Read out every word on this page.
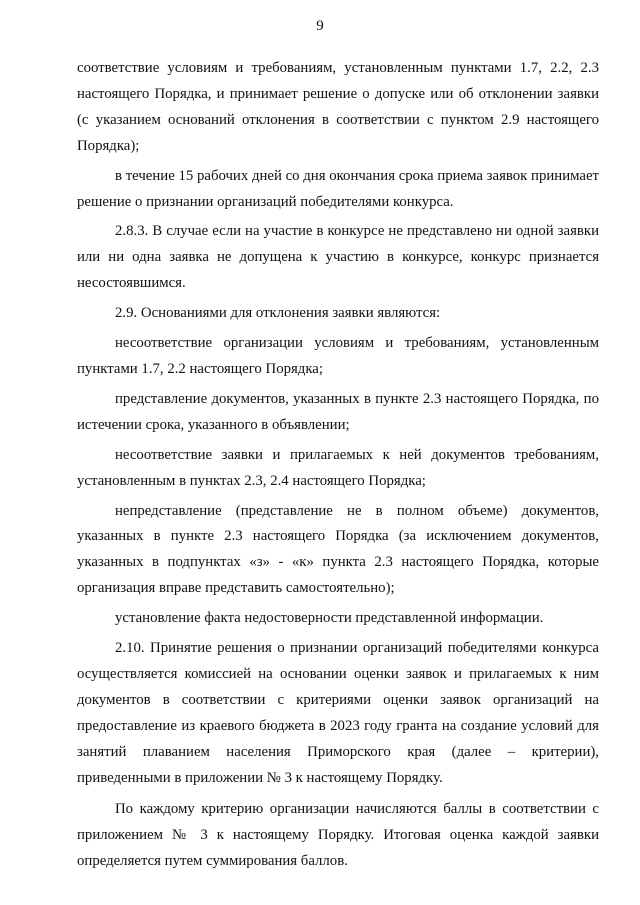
9

соответствие условиям и требованиям, установленным пунктами 1.7, 2.2, 2.3 настоящего Порядка, и принимает решение о допуске или об отклонении заявки (с указанием оснований отклонения в соответствии с пунктом 2.9 настоящего Порядка);

в течение 15 рабочих дней со дня окончания срока приема заявок принимает решение о признании организаций победителями конкурса.

2.8.3. В случае если на участие в конкурсе не представлено ни одной заявки или ни одна заявка не допущена к участию в конкурсе, конкурс признается несостоявшимся.

2.9. Основаниями для отклонения заявки являются:

несоответствие организации условиям и требованиям, установленным пунктами 1.7, 2.2 настоящего Порядка;

представление документов, указанных в пункте 2.3 настоящего Порядка, по истечении срока, указанного в объявлении;

несоответствие заявки и прилагаемых к ней документов требованиям, установленным в пунктах 2.3, 2.4 настоящего Порядка;

непредставление (представление не в полном объеме) документов, указанных в пункте 2.3 настоящего Порядка (за исключением документов, указанных в подпунктах «з» - «к» пункта 2.3 настоящего Порядка, которые организация вправе представить самостоятельно);

установление факта недостоверности представленной информации.

2.10. Принятие решения о признании организаций победителями конкурса осуществляется комиссией на основании оценки заявок и прилагаемых к ним документов в соответствии с критериями оценки заявок организаций на предоставление из краевого бюджета в 2023 году гранта на создание условий для занятий плаванием населения Приморского края (далее – критерии), приведенными в приложении № 3 к настоящему Порядку.

По каждому критерию организации начисляются баллы в соответствии с приложением № 3 к настоящему Порядку. Итоговая оценка каждой заявки определяется путем суммирования баллов.
